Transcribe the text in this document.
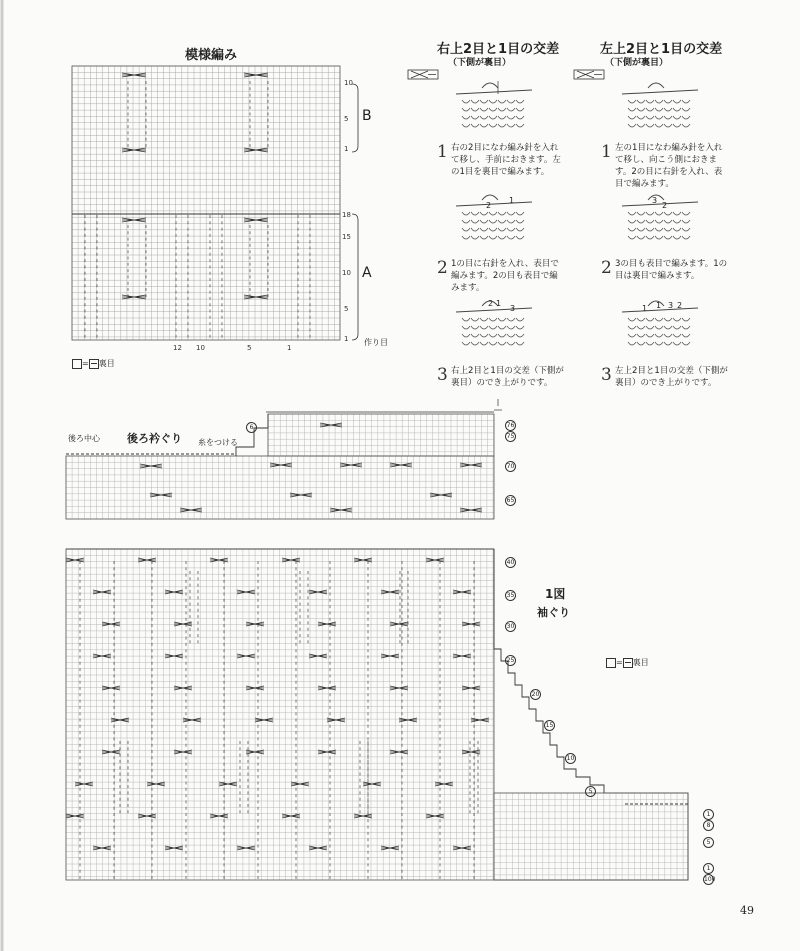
模様編み
B
A
10
5
1
18
15
10
5
1
12 10	5	1
作り目
= 裏目
右上2目と1目の交差
（下側が裏目）
1 右の2目になわ編み針を入れて移し、手前におきます。左の1目を裏目で編みます。
2 1の目に右針を入れ、表目で編みます。2の目も表目で編みます。
3 右上2目と1目の交差（下側が裏目）のでき上がりです。
2
1
2 1
3
左上2目と1目の交差
（下側が裏目）
1 左の1目になわ編み針を入れて移し、向こう側におきます。2の目に右針を入れ、表目で編みます。
2 3の目も表目で編みます。1の目は裏目で編みます。
3 左上2目と1目の交差（下側が裏目）のでき上がりです。
3
2
1 1 3 2
後ろ中心 後ろ衿ぐり 糸をつける
6	76
75
70
65
1図
袖ぐり
= 裏目
40
35
30
25
20
15
10
5
1
8
5
1
100
49
